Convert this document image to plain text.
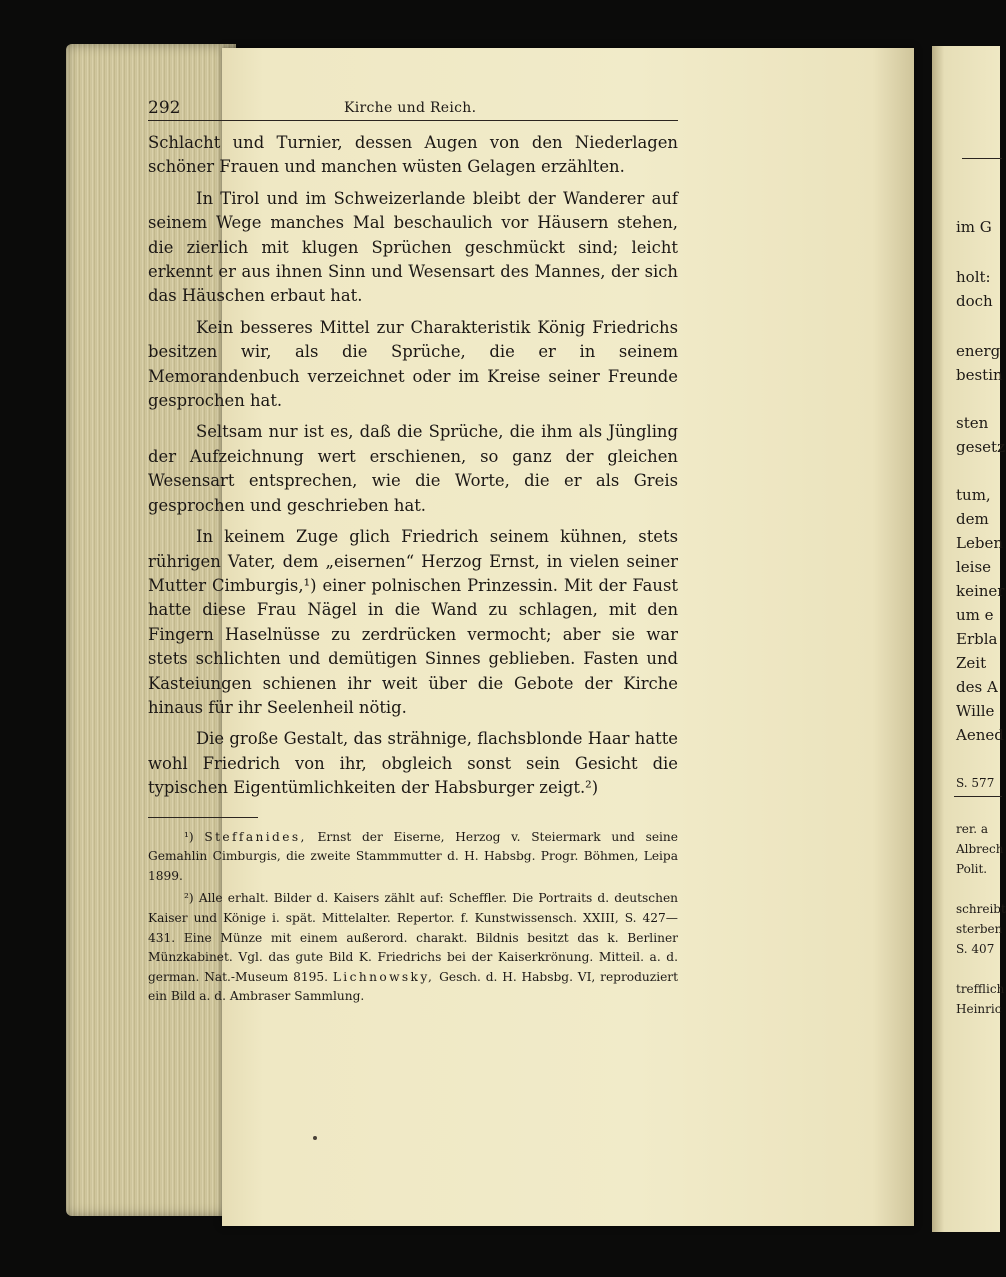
im G
holt:
doch
energ
bestin
sten
gesetz
tum,
dem
Leben
leise
keiner
um e
Erbla
Zeit
des A
Wille
Aened
S. 577
rer. a
Albrech
Polit.
schreibt
sterben
S. 407
trefflich
Heinric
292	Kirche und Reich.

Schlacht und Turnier, dessen Augen von den Niederlagen schöner Frauen und manchen wüsten Gelagen erzählten.

In Tirol und im Schweizerlande bleibt der Wanderer auf seinem Wege manches Mal beschaulich vor Häusern stehen, die zierlich mit klugen Sprüchen geschmückt sind; leicht erkennt er aus ihnen Sinn und Wesensart des Mannes, der sich das Häuschen erbaut hat.

Kein besseres Mittel zur Charakteristik König Friedrichs besitzen wir, als die Sprüche, die er in seinem Memorandenbuch verzeichnet oder im Kreise seiner Freunde gesprochen hat.

Seltsam nur ist es, daß die Sprüche, die ihm als Jüngling der Aufzeichnung wert erschienen, so ganz der gleichen Wesensart entsprechen, wie die Worte, die er als Greis gesprochen und geschrieben hat.

In keinem Zuge glich Friedrich seinem kühnen, stets rührigen Vater, dem „eisernen“ Herzog Ernst, in vielen seiner Mutter Cimburgis,¹) einer polnischen Prinzessin. Mit der Faust hatte diese Frau Nägel in die Wand zu schlagen, mit den Fingern Haselnüsse zu zerdrücken vermocht; aber sie war stets schlichten und demütigen Sinnes geblieben. Fasten und Kasteiungen schienen ihr weit über die Gebote der Kirche hinaus für ihr Seelenheil nötig.

Die große Gestalt, das strähnige, flachsblonde Haar hatte wohl Friedrich von ihr, obgleich sonst sein Gesicht die typischen Eigentümlichkeiten der Habsburger zeigt.²)

¹) Steffanides, Ernst der Eiserne, Herzog v. Steiermark und seine Gemahlin Cimburgis, die zweite Stammmutter d. H. Habsbg. Progr. Böhmen, Leipa 1899.

²) Alle erhalt. Bilder d. Kaisers zählt auf: Scheffler. Die Portraits d. deutschen Kaiser und Könige i. spät. Mittelalter. Repertor. f. Kunstwissensch. XXIII, S. 427—431. Eine Münze mit einem außerord. charakt. Bildnis besitzt das k. Berliner Münzkabinet. Vgl. das gute Bild K. Friedrichs bei der Kaiserkrönung. Mitteil. a. d. german. Nat.-Museum 8195. Lichnowsky, Gesch. d. H. Habsbg. VI, reproduziert ein Bild a. d. Ambraser Sammlung.
